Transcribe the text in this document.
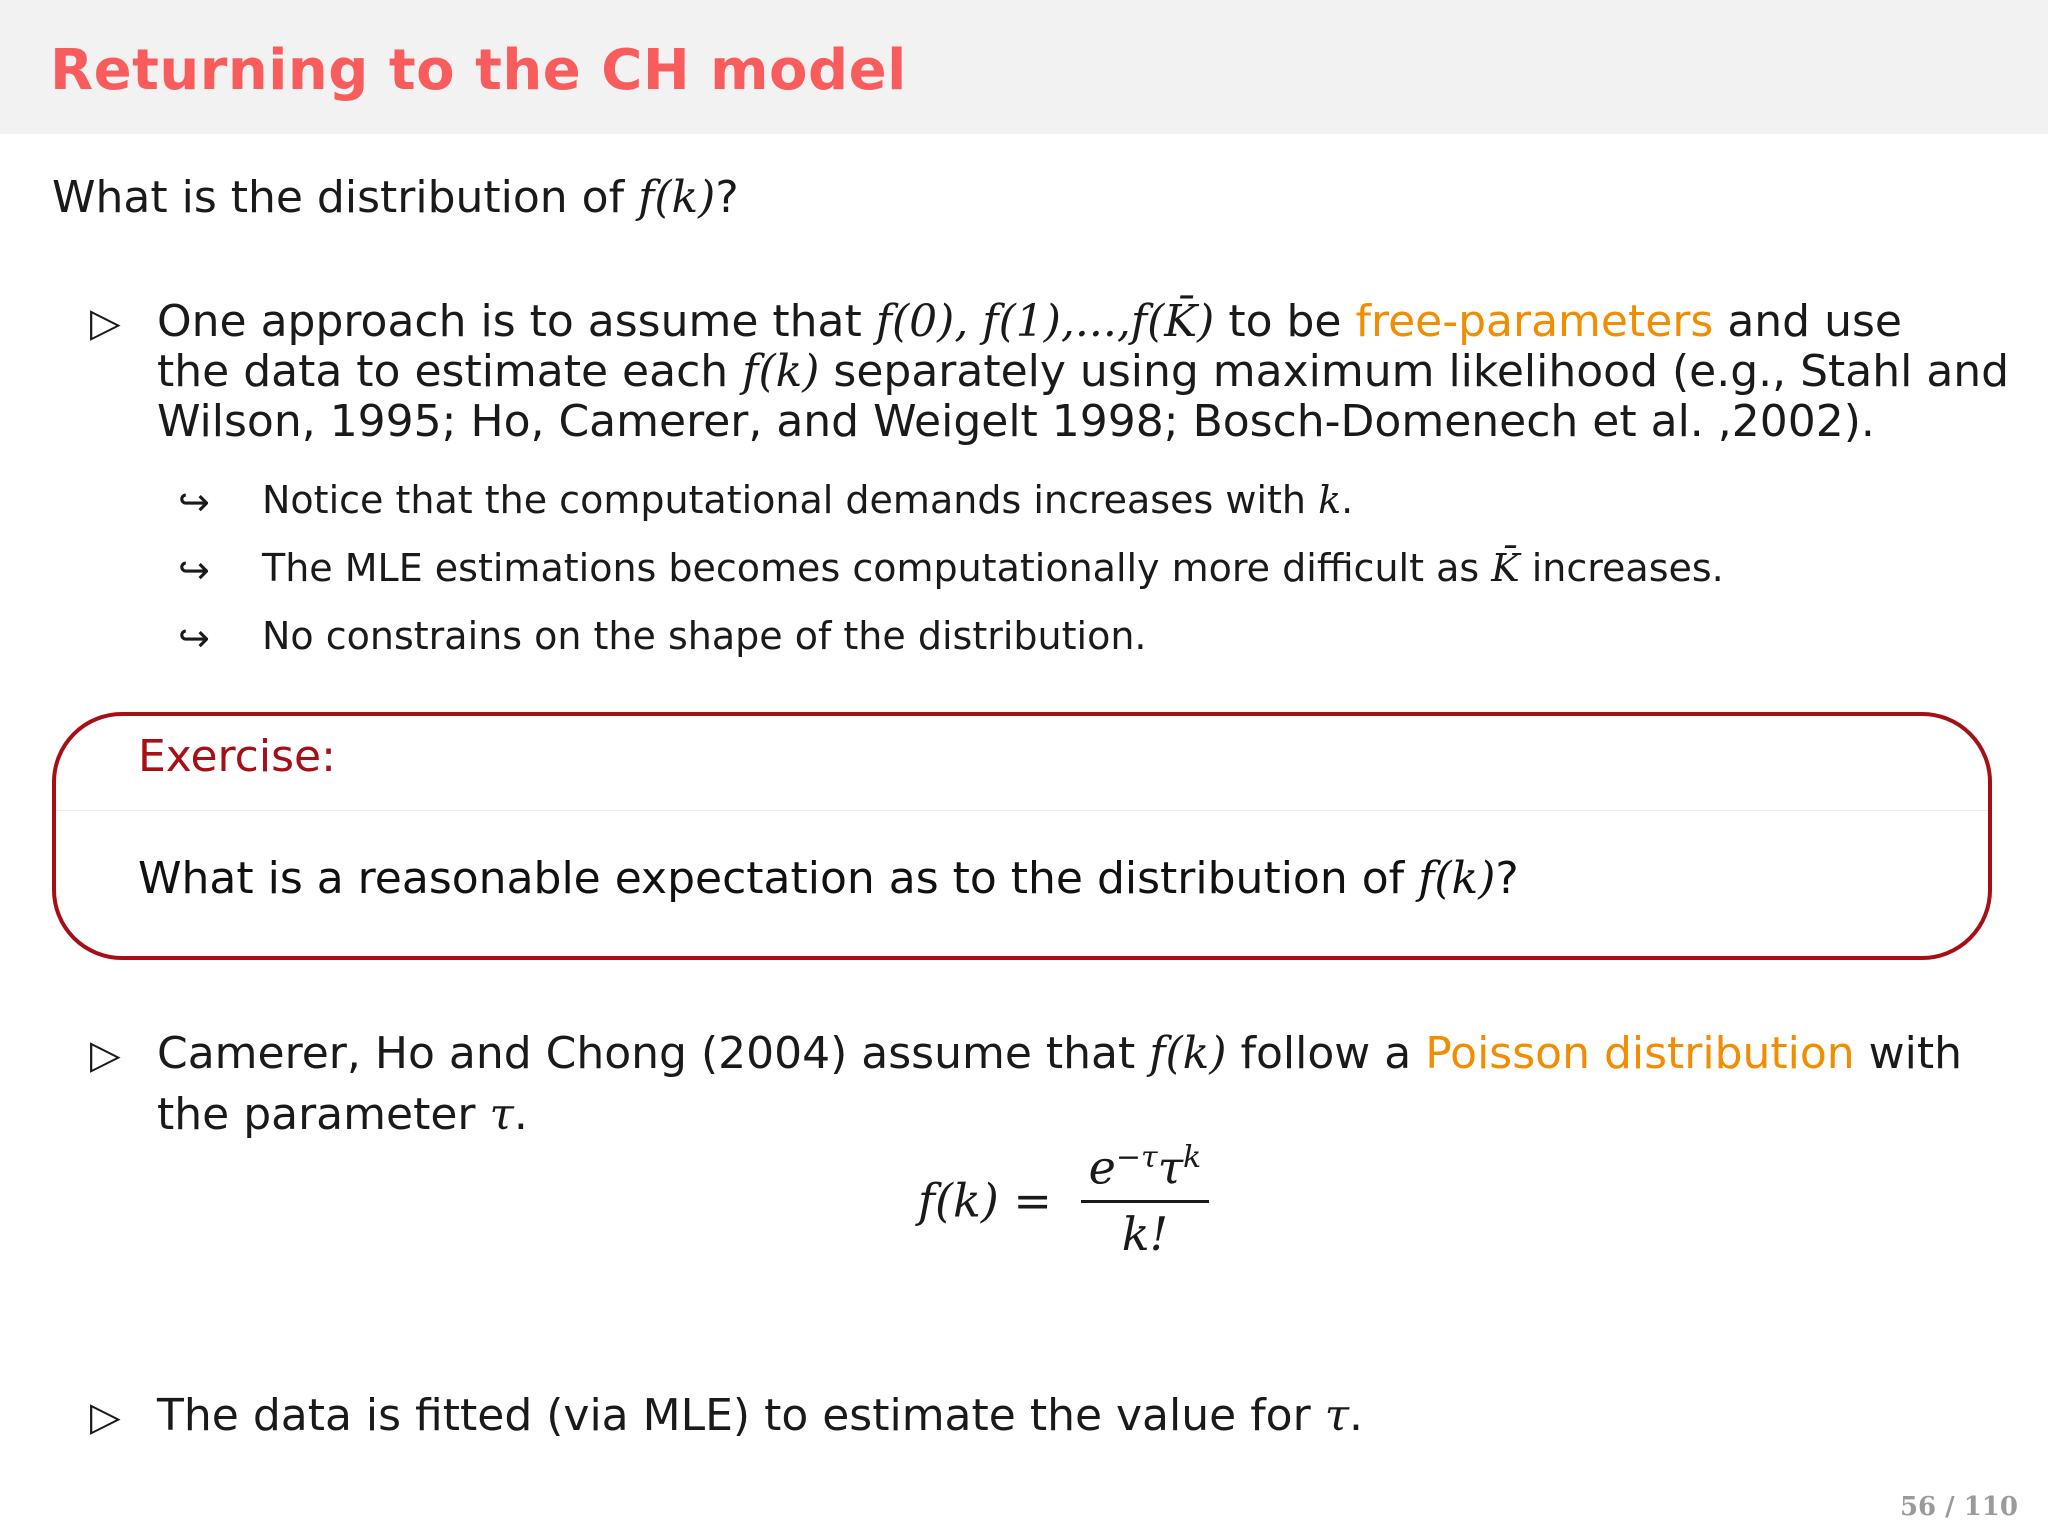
Returning to the CH model
What is the distribution of f(k)?
▷ One approach is to assume that f(0), f(1),...,f(K̄) to be free-parameters and use
the data to estimate each f(k) separately using maximum likelihood (e.g., Stahl and
Wilson, 1995; Ho, Camerer, and Weigelt 1998; Bosch-Domenech et al. ,2002).
↪ Notice that the computational demands increases with k.
↪ The MLE estimations becomes computationally more difficult as K̄ increases.
↪ No constrains on the shape of the distribution.
Exercise:
What is a reasonable expectation as to the distribution of f(k)?
▷ Camerer, Ho and Chong (2004) assume that f(k) follow a Poisson distribution with
the parameter τ.
$f(k) = \frac{e^{-\tau}\tau^k}{k!}$
▷ The data is fitted (via MLE) to estimate the value for τ.
56 / 110
